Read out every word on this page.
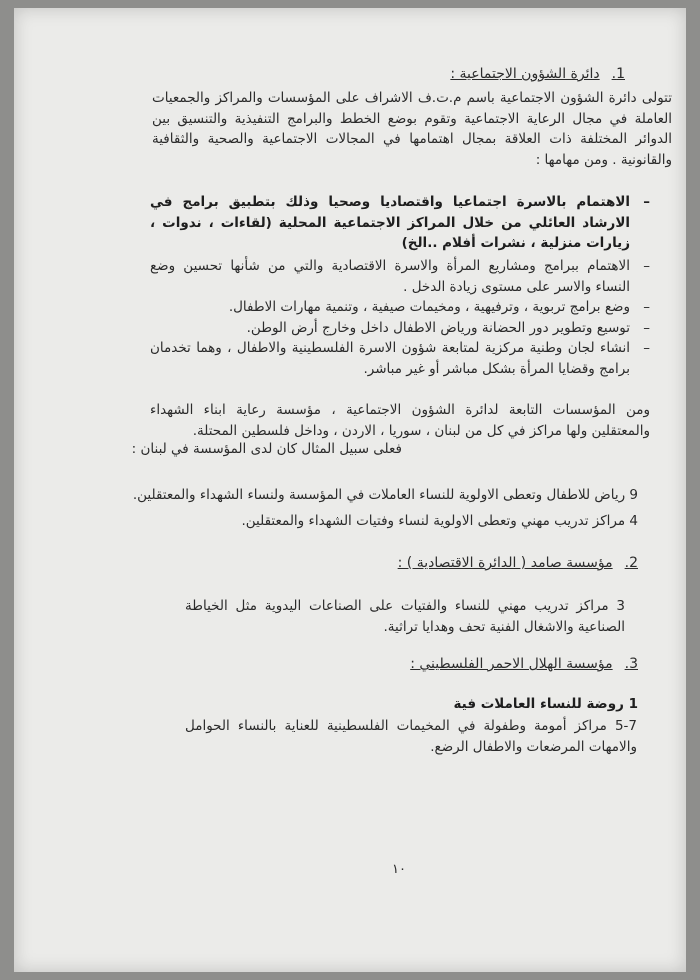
1.دائرة الشؤون الاجتماعية :
تتولى دائرة الشؤون الاجتماعية باسم م.ت.ف الاشراف على المؤسسات والمراكز والجمعيات العاملة في مجال الرعاية الاجتماعية وتقوم بوضع الخطط والبرامج التنفيذية والتنسيق بين الدوائر المختلفة ذات العلاقة بمجال اهتمامها في المجالات الاجتماعية والصحية والثقافية والقانونية . ومن مهامها :
–
الاهتمام بالاسرة اجتماعيا واقتصاديا وصحيا وذلك بتطبيق برامج في الارشاد العائلي من خلال المراكز الاجتماعية المحلية (لقاءات ، ندوات ، زيارات منزلية ، نشرات أفلام ..الخ)
–
الاهتمام ببرامج ومشاريع المرأة والاسرة الاقتصادية والتي من شأنها تحسين وضع النساء والاسر على مستوى زيادة الدخل .
–
وضع برامج تربوية ، وترفيهية ، ومخيمات صيفية ، وتنمية مهارات الاطفال.
–
توسيع وتطوير دور الحضانة ورياض الاطفال داخل وخارج أرض الوطن.
–
انشاء لجان وطنية مركزية لمتابعة شؤون الاسرة الفلسطينية والاطفال ، وهما تخدمان برامج وقضايا المرأة بشكل مباشر أو غير مباشر.
ومن المؤسسات التابعة لدائرة الشؤون الاجتماعية ، مؤسسة رعاية ابناء الشهداء والمعتقلين ولها مراكز في كل من لبنان ، سوريا ، الاردن ، وداخل فلسطين المحتلة.
فعلى سبيل المثال كان لدى المؤسسة في لبنان :
9 رياض للاطفال وتعطى الاولوية للنساء العاملات في المؤسسة ولنساء الشهداء والمعتقلين.
4 مراكز تدريب مهني وتعطى الاولوية لنساء وفتيات الشهداء والمعتقلين.
2.مؤسسة صامد ( الدائرة الاقتصادية ) :
3 مراكز تدريب مهني للنساء والفتيات على الصناعات اليدوية مثل الخياطة الصناعية والاشغال الفنية تحف وهدايا تراثية.
3.مؤسسة الهلال الاحمر الفلسطيني :
1 روضة للنساء العاملات فية
5-7 مراكز أمومة وطفولة في المخيمات الفلسطينية للعناية بالنساء الحوامل والامهات المرضعات والاطفال الرضع.
١٠
